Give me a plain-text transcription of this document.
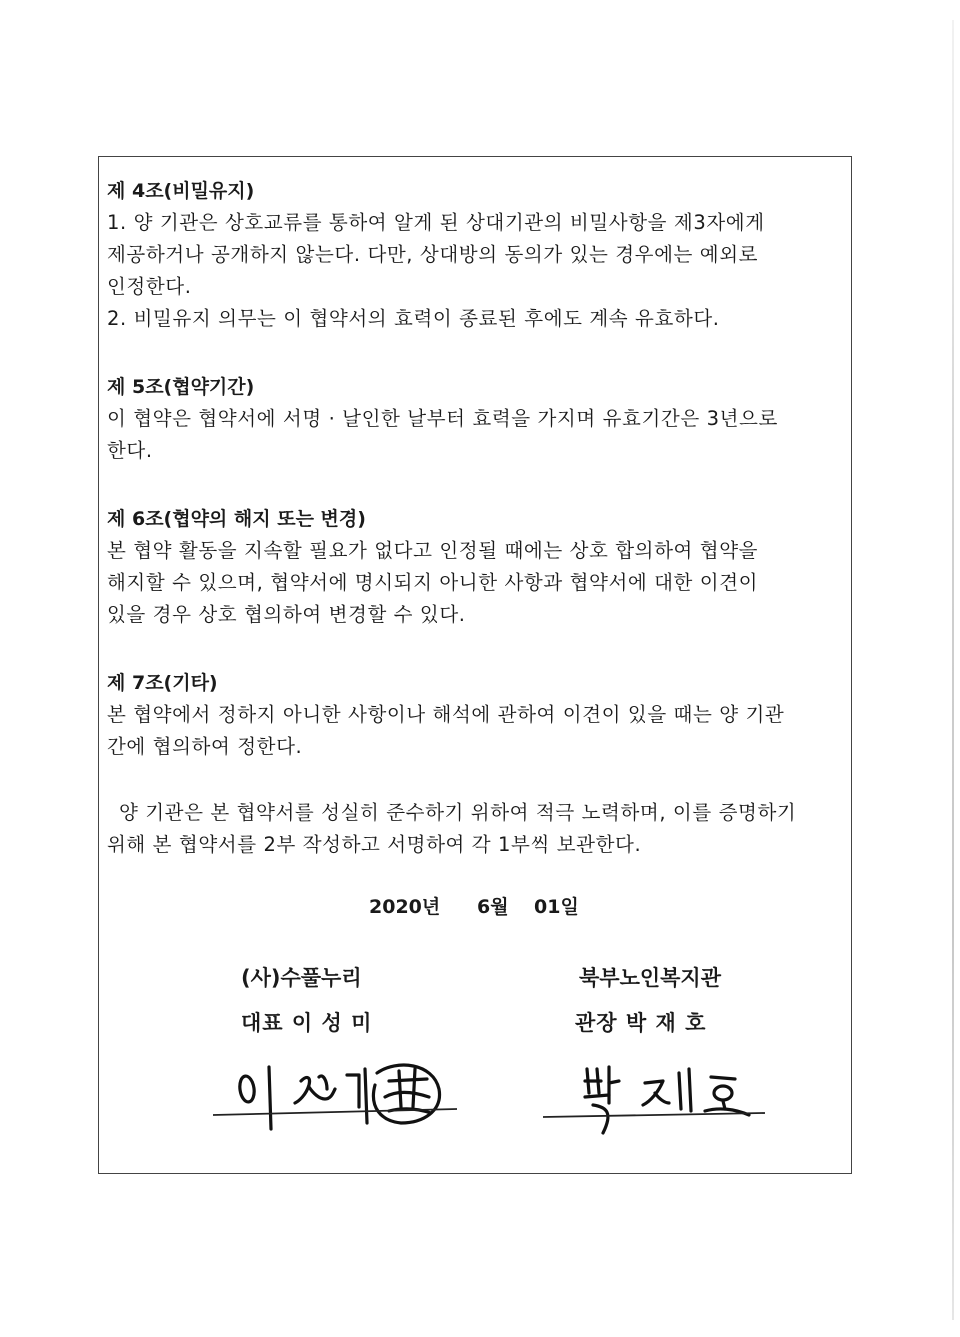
제 4조(비밀유지)
1. 양 기관은 상호교류를 통하여 알게 된 상대기관의 비밀사항을 제3자에게
제공하거나 공개하지 않는다. 다만, 상대방의 동의가 있는 경우에는 예외로
인정한다.
2. 비밀유지 의무는 이 협약서의 효력이 종료된 후에도 계속 유효하다.
제 5조(협약기간)
이 협약은 협약서에 서명 · 날인한 날부터 효력을 가지며 유효기간은 3년으로
한다.
제 6조(협약의 해지 또는 변경)
본 협약 활동을 지속할 필요가 없다고 인정될 때에는 상호 합의하여 협약을
해지할 수 있으며, 협약서에 명시되지 아니한 사항과 협약서에 대한 이견이
있을 경우 상호 협의하여 변경할 수 있다.
제 7조(기타)
본 협약에서 정하지 아니한 사항이나 해석에 관하여 이견이 있을 때는 양 기관
간에 협의하여 정한다.
양 기관은 본 협약서를 성실히 준수하기 위하여 적극 노력하며, 이를 증명하기
위해 본 협약서를 2부 작성하고 서명하여 각 1부씩 보관한다.
2020년 6월 01일
(사)수풀누리
대표 이 성 미
북부노인복지관
관장 박 재 호
